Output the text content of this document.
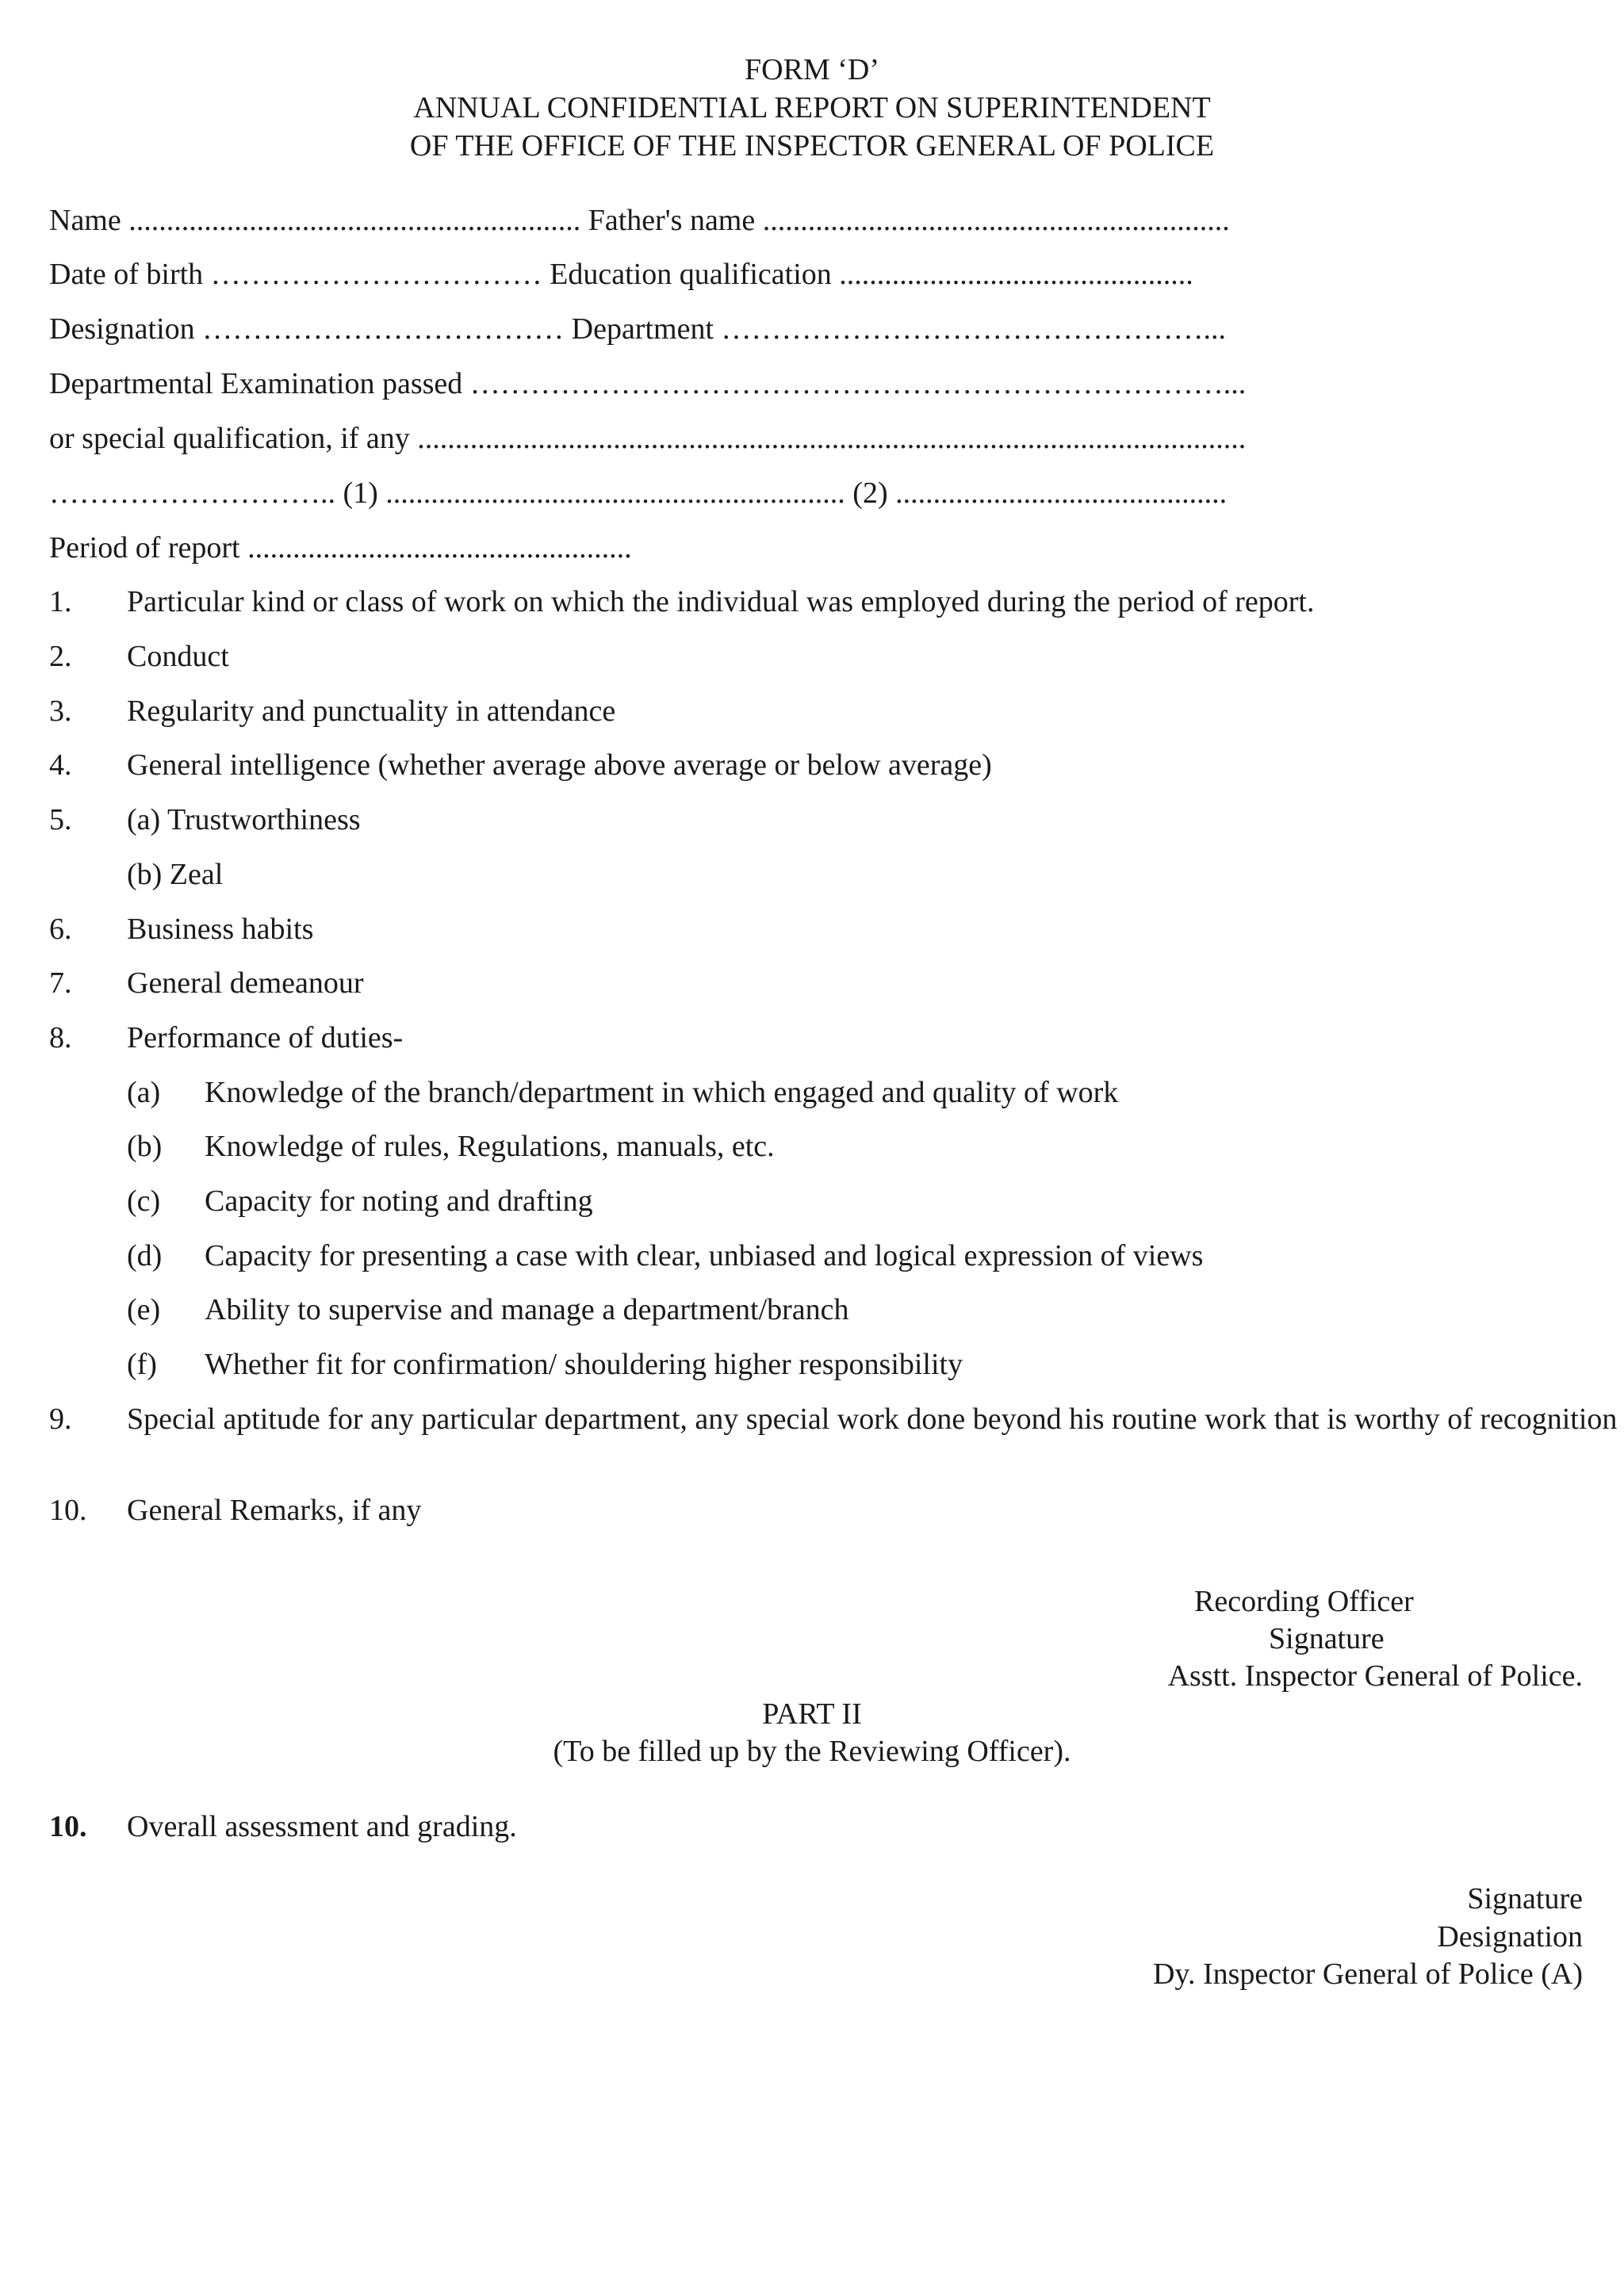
FORM ‘D’
ANNUAL CONFIDENTIAL REPORT ON SUPERINTENDENT
OF THE OFFICE OF THE INSPECTOR GENERAL OF POLICE
Name ............................................................ Father's name ..............................................................
Date of birth …………………………… Education qualification ...............................................
Designation ……………………………… Department …………………………………………...
Departmental Examination passed …………………………………………………………………...
or special qualification, if any ..............................................................................................................
……………………….. (1) ............................................................. (2) ............................................
Period of report ...................................................
1. Particular kind or class of work on which the individual was employed during the period of report.
2. Conduct
3. Regularity and punctuality in attendance
4. General intelligence (whether average above average or below average)
5. (a) Trustworthiness
(b) Zeal
6. Business habits
7. General demeanour
8. Performance of duties-
(a) Knowledge of the branch/department in which engaged and quality of work
(b) Knowledge of rules, Regulations, manuals, etc.
(c) Capacity for noting and drafting
(d) Capacity for presenting a case with clear, unbiased and logical expression of views
(e) Ability to supervise and manage a department/branch
(f) Whether fit for confirmation/ shouldering higher responsibility
9. Special aptitude for any particular department, any special work done beyond his routine work that is worthy of recognition
10. General Remarks, if any
Recording Officer
Signature
Asstt. Inspector General of Police.
PART II
(To be filled up by the Reviewing Officer).
10. Overall assessment and grading.
Signature
Designation
Dy. Inspector General of Police (A)
